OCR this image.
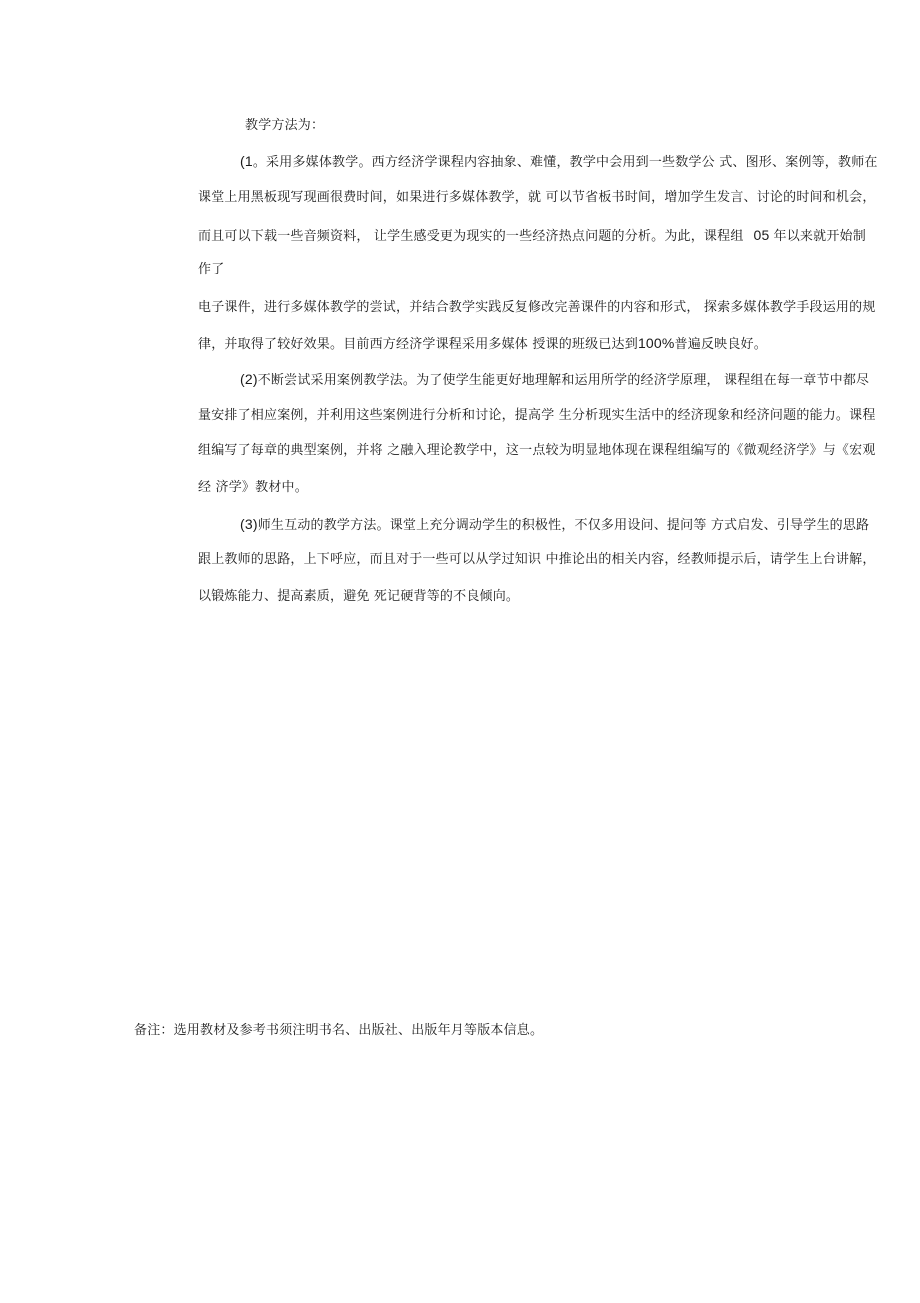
教学方法为：
(1。采用多媒体教学。西方经济学课程内容抽象、难懂，教学中会用到一些数学公 式、图形、案例等，教师在
课堂上用黑板现写现画很费时间，如果进行多媒体教学，就 可以节省板书时间，增加学生发言、讨论的时间和机会，
而且可以下载一些音频资料， 让学生感受更为现实的一些经济热点问题的分析。为此，课程组 05 年以来就开始制
作了
电子课件，进行多媒体教学的尝试，并结合教学实践反复修改完善课件的内容和形式， 探索多媒体教学手段运用的规
律，并取得了较好效果。目前西方经济学课程采用多媒体 授课的班级已达到100%普遍反映良好。
(2)不断尝试采用案例教学法。为了使学生能更好地理解和运用所学的经济学原理， 课程组在每一章节中都尽
量安排了相应案例，并利用这些案例进行分析和讨论，提高学 生分析现实生活中的经济现象和经济问题的能力。课程
组编写了每章的典型案例，并将 之融入理论教学中，这一点较为明显地体现在课程组编写的《微观经济学》与《宏观
经 济学》教材中。
(3)师生互动的教学方法。课堂上充分调动学生的积极性，不仅多用设问、提问等 方式启发、引导学生的思路
跟上教师的思路，上下呼应，而且对于一些可以从学过知识 中推论出的相关内容，经教师提示后，请学生上台讲解，
以锻炼能力、提高素质，避免 死记硬背等的不良倾向。
备注：选用教材及参考书须注明书名、出版社、出版年月等版本信息。
